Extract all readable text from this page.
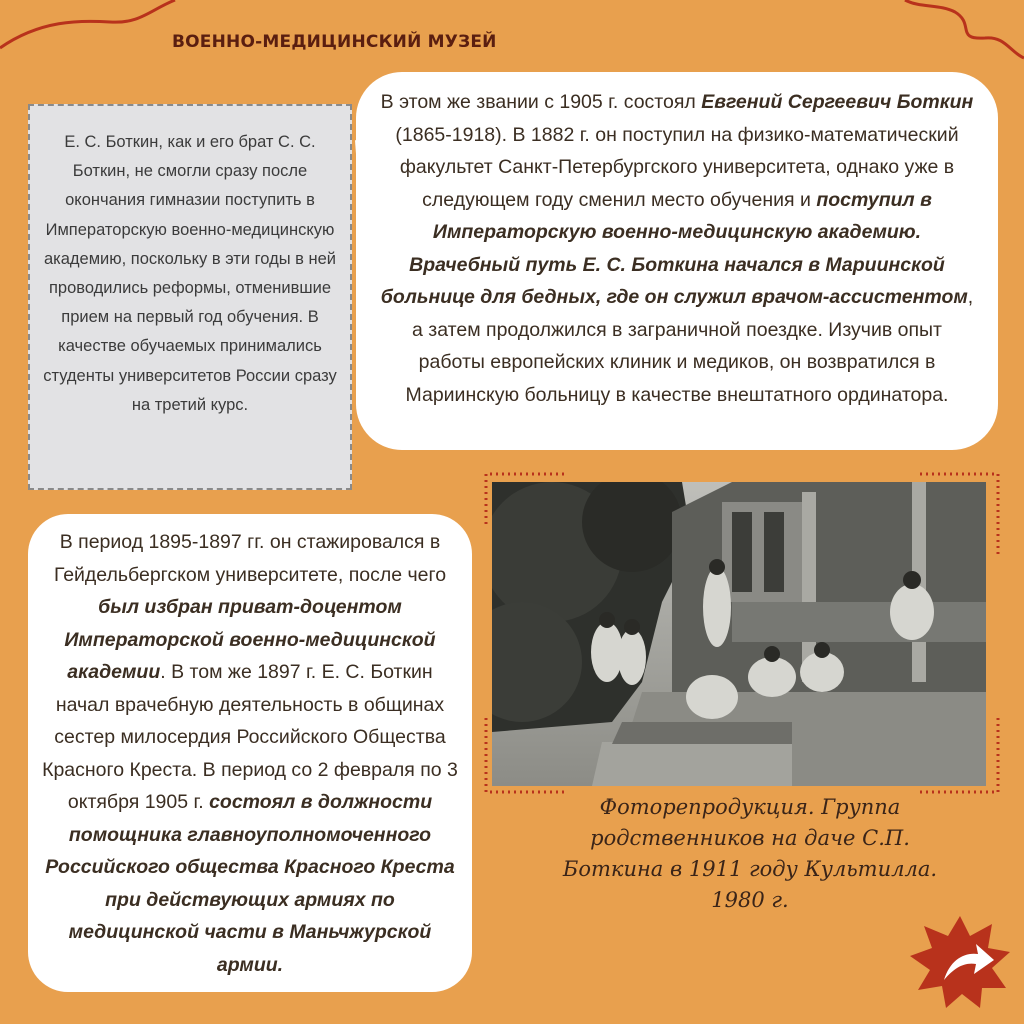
ВОЕННО-МЕДИЦИНСКИЙ МУЗЕЙ
Е. С. Боткин, как и его брат С. С. Боткин, не смогли сразу после окончания гимназии поступить в Императорскую военно-медицинскую академию, поскольку в эти годы в ней проводились реформы, отменившие прием на первый год обучения. В качестве обучаемых принимались студенты университетов России сразу на третий курс.
В этом же звании с 1905 г. состоял Евгений Сергеевич Боткин (1865-1918). В 1882 г. он поступил на физико-математический факультет Санкт-Петербургского университета, однако уже в следующем году сменил место обучения и поступил в Императорскую военно-медицинскую академию. Врачебный путь Е. С. Боткина начался в Мариинской больнице для бедных, где он служил врачом-ассистентом, а затем продолжился в заграничной поездке. Изучив опыт работы европейских клиник и медиков, он возвратился в Мариинскую больницу в качестве внештатного ординатора.
В период 1895-1897 гг. он стажировался в Гейдельбергском университете, после чего был избран приват-доцентом Императорской военно-медицинской академии. В том же 1897 г. Е. С. Боткин начал врачебную деятельность в общинах сестер милосердия Российского Общества Красного Креста. В период со 2 февраля по 3 октября 1905 г. состоял в должности помощника главноуполномоченного Российского общества Красного Креста при действующих армиях по медицинской части в Маньчжурской армии.
Фоторепродукция. Группа родственников на даче С.П. Боткина в 1911 году Культилла. 1980 г.
